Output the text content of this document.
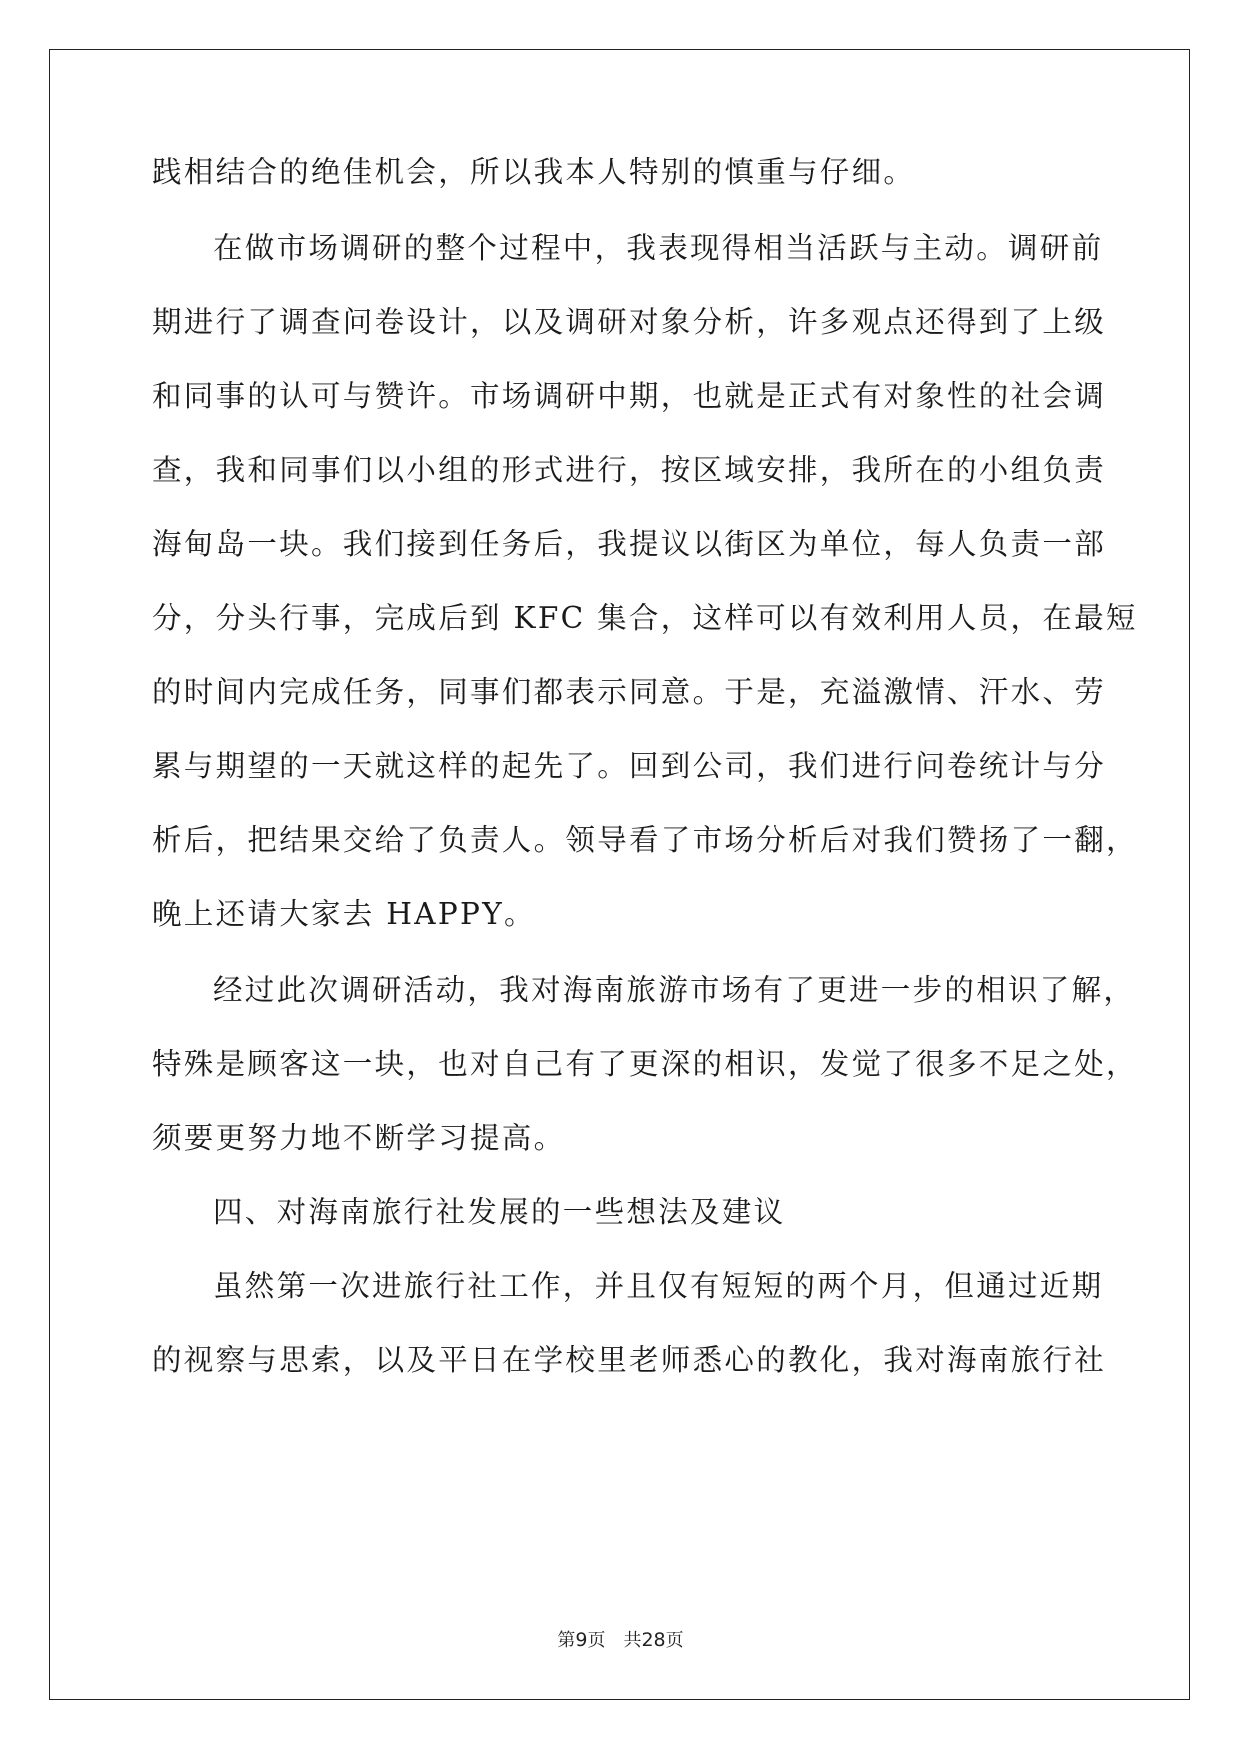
践相结合的绝佳机会，所以我本人特别的慎重与仔细。
在做市场调研的整个过程中，我表现得相当活跃与主动。调研前
期进行了调查问卷设计，以及调研对象分析，许多观点还得到了上级
和同事的认可与赞许。市场调研中期，也就是正式有对象性的社会调
查，我和同事们以小组的形式进行，按区域安排，我所在的小组负责
海甸岛一块。我们接到任务后，我提议以街区为单位，每人负责一部
分，分头行事，完成后到 KFC 集合，这样可以有效利用人员，在最短
的时间内完成任务，同事们都表示同意。于是，充溢激情、汗水、劳
累与期望的一天就这样的起先了。回到公司，我们进行问卷统计与分
析后，把结果交给了负责人。领导看了市场分析后对我们赞扬了一翻，
晚上还请大家去 HAPPY。
经过此次调研活动，我对海南旅游市场有了更进一步的相识了解，
特殊是顾客这一块，也对自己有了更深的相识，发觉了很多不足之处，
须要更努力地不断学习提高。
四、对海南旅行社发展的一些想法及建议
虽然第一次进旅行社工作，并且仅有短短的两个月，但通过近期
的视察与思索，以及平日在学校里老师悉心的教化，我对海南旅行社
第9页　共28页
